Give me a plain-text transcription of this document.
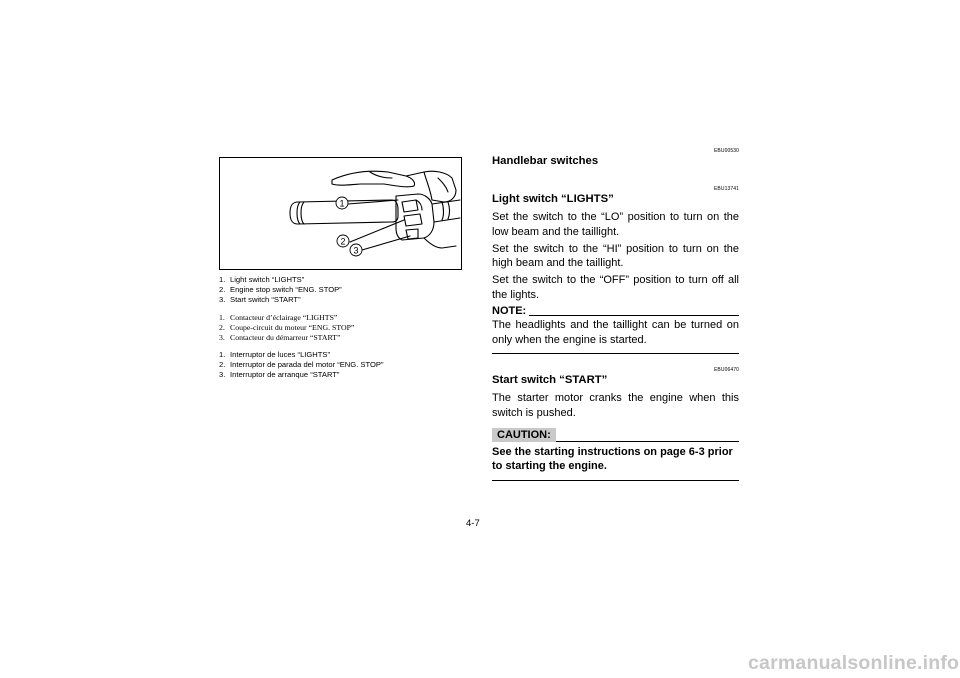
1
2
3
1. Light switch “LIGHTS”
2. Engine stop switch “ENG. STOP”
3. Start switch “START”
1. Contacteur d’éclairage “LIGHTS”
2. Coupe-circuit du moteur “ENG. STOP”
3. Contacteur du démarreur “START”
1. Interruptor de luces “LIGHTS”
2. Interruptor de parada del motor “ENG. STOP”
3. Interruptor de arranque “START”
EBU00530
Handlebar switches
EBU13741
Light switch “LIGHTS”

Set the switch to the “LO” position to turn on the low beam and the taillight.

Set the switch to the “HI” position to turn on the high beam and the taillight.

Set the switch to the “OFF” position to turn off all the lights.

NOTE:

The headlights and the taillight can be turned on only when the engine is started.

EBU06470
Start switch “START”

The starter motor cranks the engine when this switch is pushed.

CAUTION:

See the starting instructions on page 6-3 prior to starting the engine.

4-7
carmanualsonline.info
